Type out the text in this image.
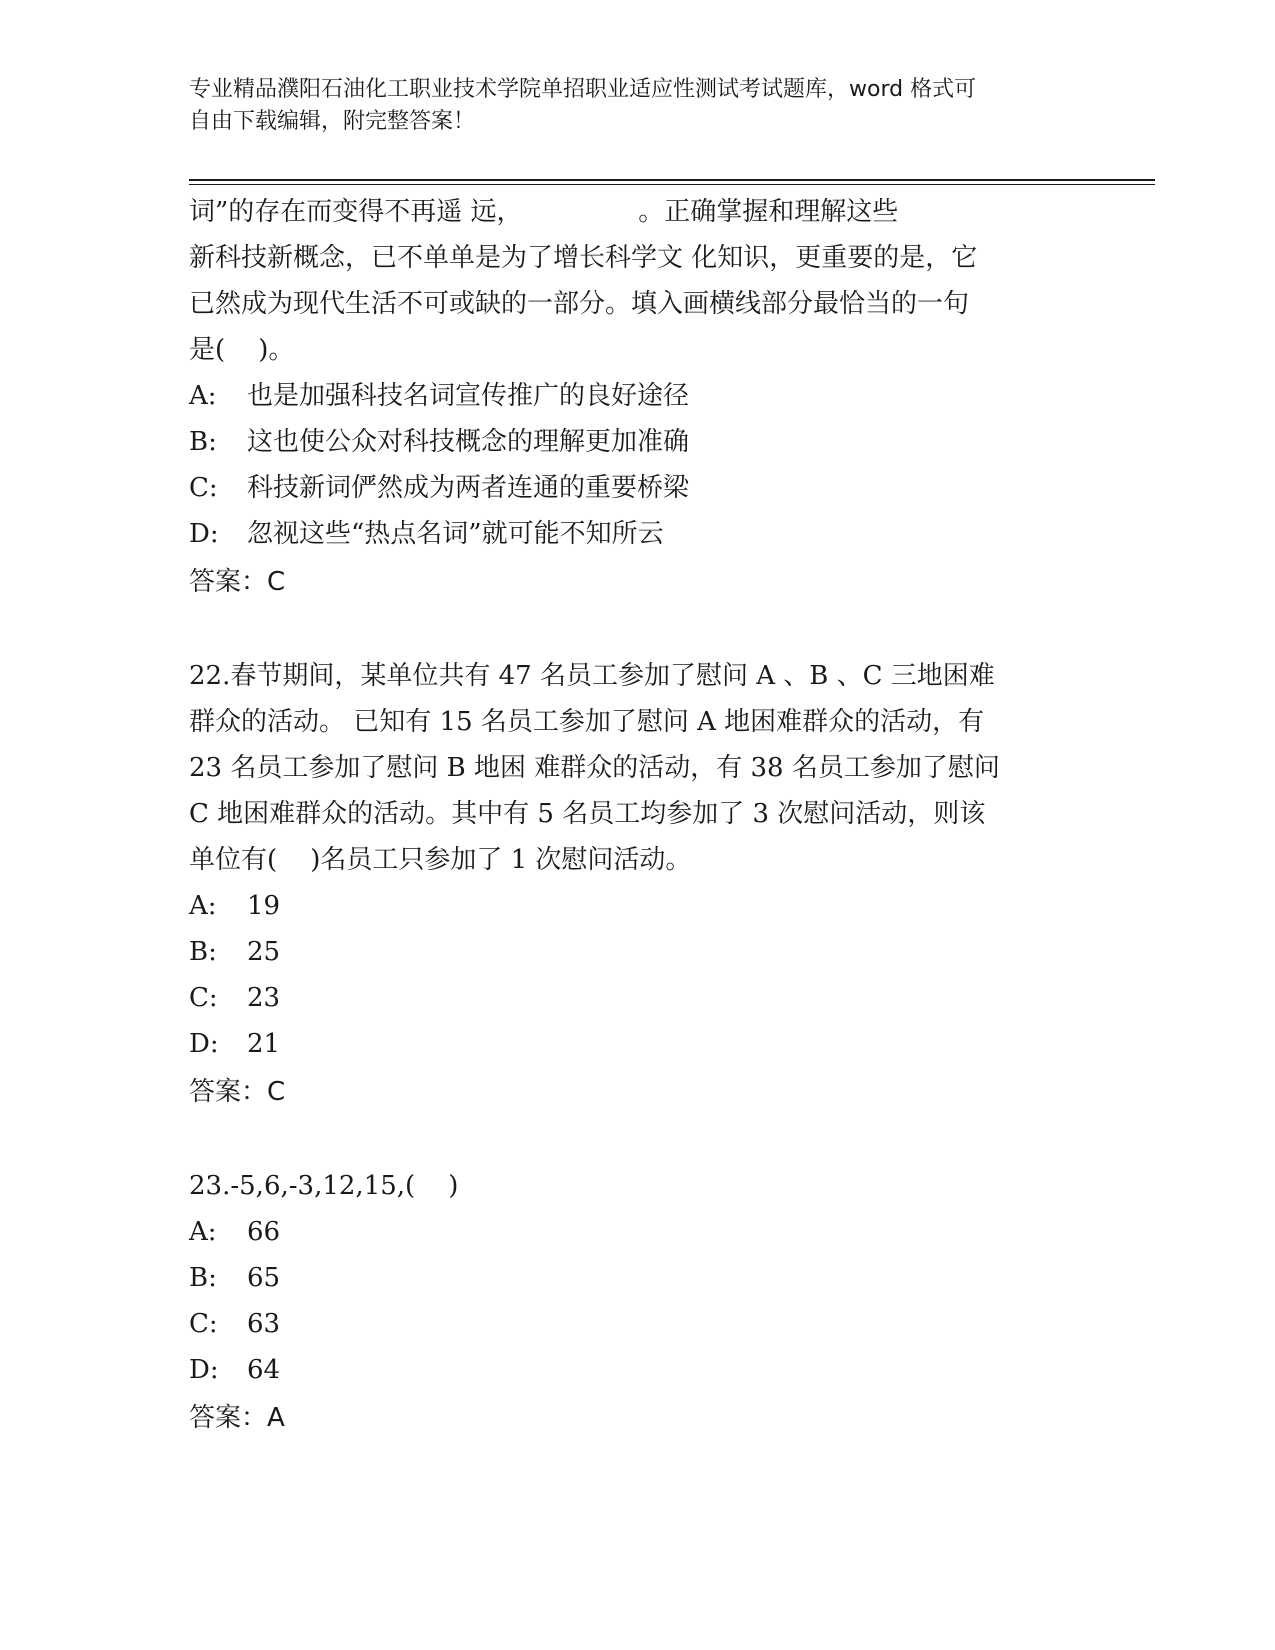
专业精品濮阳石油化工职业技术学院单招职业适应性测试考试题库，word 格式可
自由下载编辑，附完整答案！
词”的存在而变得不再遥 远，              。正确掌握和理解这些
新科技新概念，已不单单是为了增长科学文 化知识，更重要的是，它
已然成为现代生活不可或缺的一部分。填入画横线部分最恰当的一句
是(    )。
A: 也是加强科技名词宣传推广的良好途径
B: 这也使公众对科技概念的理解更加准确
C: 科技新词俨然成为两者连通的重要桥梁
D: 忽视这些“热点名词”就可能不知所云
答案：C
22.春节期间，某单位共有 47 名员工参加了慰问 A 、B 、C 三地困难
群众的活动。 已知有 15 名员工参加了慰问 A 地困难群众的活动，有
23 名员工参加了慰问 B 地困 难群众的活动，有 38 名员工参加了慰问
C 地困难群众的活动。其中有 5 名员工均参加了 3 次慰问活动，则该
单位有(    )名员工只参加了 1 次慰问活动。
A: 19
B: 25
C: 23
D: 21
答案：C
23.-5,6,-3,12,15,(    )
A: 66
B: 65
C: 63
D: 64
答案：A
